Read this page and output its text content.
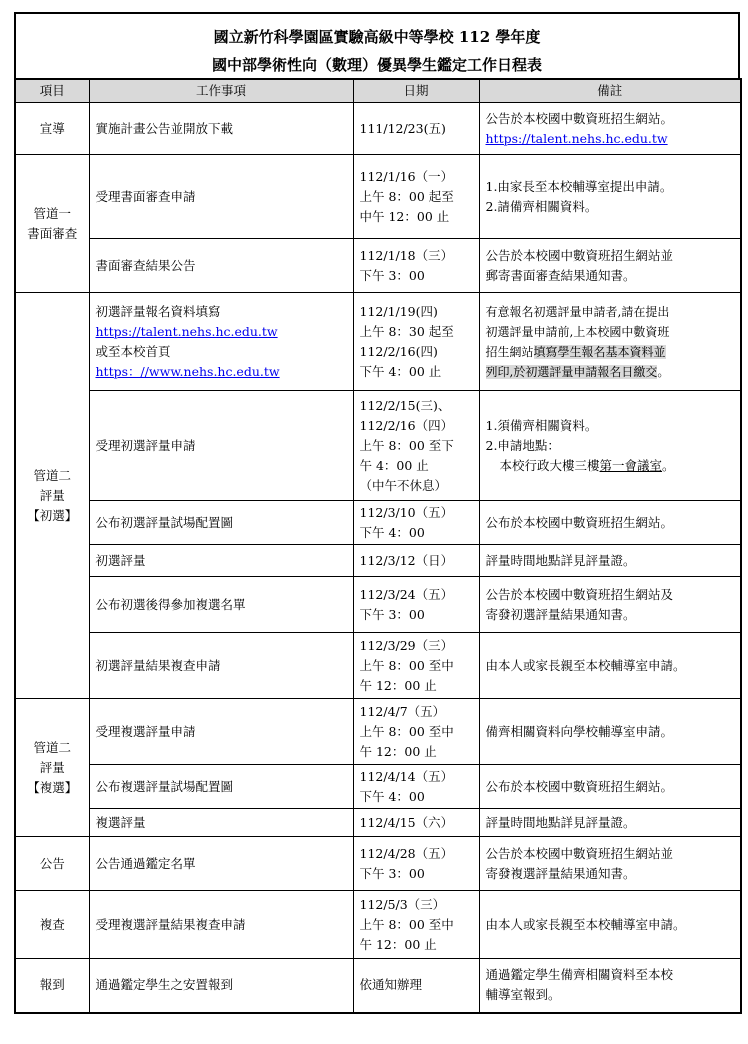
國立新竹科學園區實驗高級中等學校 112 學年度
國中部學術性向（數理）優異學生鑑定工作日程表
項目	工作事項	日期	備註
宣導	實施計畫公告並開放下載	111/12/23(五)	公告於本校國中數資班招生網站。
https://talent.nehs.hc.edu.tw

管道一
書面審查	受理書面審查申請	112/1/16（一）
上午 8：00 起至
中午 12：00 止	1.由家長至本校輔導室提出申請。
2.請備齊相關資料。

	書面審查結果公告	112/1/18（三）
下午 3：00	公告於本校國中數資班招生網站並
郵寄書面審查結果通知書。

管道二
評量
【初選】	初選評量報名資料填寫
https://talent.nehs.hc.edu.tw
或至本校首頁
https：//www.nehs.hc.edu.tw	112/1/19(四)
上午 8：30 起至
112/2/16(四)
下午 4：00 止	有意報名初選評量申請者,請在提出
初選評量申請前,上本校國中數資班
招生網站填寫學生報名基本資料並
列印,於初選評量申請報名日繳交。

	受理初選評量申請	112/2/15(三)、
112/2/16（四）
上午 8：00 至下
午 4：00 止
（中午不休息）	1.須備齊相關資料。
2.申請地點：
本校行政大樓三樓第一會議室。

	公布初選評量試場配置圖	112/3/10（五）
下午 4：00	公布於本校國中數資班招生網站。
	初選評量	112/3/12（日）	評量時間地點詳見評量證。
	公布初選後得參加複選名單	112/3/24（五）
下午 3：00	公告於本校國中數資班招生網站及
寄發初選評量結果通知書。

	初選評量結果複查申請	112/3/29（三）
上午 8：00 至中
午 12：00 止	由本人或家長親至本校輔導室申請。

管道二
評量
【複選】	受理複選評量申請	112/4/7（五）
上午 8：00 至中
午 12：00 止	備齊相關資料向學校輔導室申請。
	公布複選評量試場配置圖	112/4/14（五）
下午 4：00	公布於本校國中數資班招生網站。
	複選評量	112/4/15（六）	評量時間地點詳見評量證。
公告	公告通過鑑定名單	112/4/28（五）
下午 3：00	公告於本校國中數資班招生網站並
寄發複選評量結果通知書。

複查	受理複選評量結果複查申請	112/5/3（三）
上午 8：00 至中
午 12：00 止	由本人或家長親至本校輔導室申請。
報到	通過鑑定學生之安置報到	依通知辦理	通過鑑定學生備齊相關資料至本校
輔導室報到。
